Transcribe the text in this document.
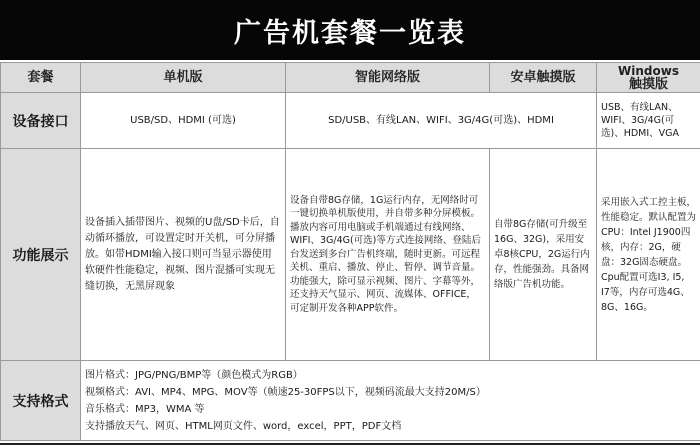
广告机套餐一览表
套餐	单机版	智能网络版	安卓触摸版	Windows
触摸版

设备接口	USB/SD、HDMI (可选)	SD/USB、有线LAN、WIFI、3G/4G(可选)、HDMI		USB、有线LAN、WIFI、3G/4G(可选)、HDMI、VGA
功能展示	设备插入插带图片、视频的U盘/SD卡后，自动循环播放，可设置定时开关机，可分屏播放。如带HDMI输入接口则可当显示器使用软硬件性能稳定，视频、图片混播可实现无缝切换，无黑屏现象	设备自带8G存储，1G运行内存，无网络时可一键切换单机版使用，并自带多种分屏模板。播放内容可用电脑或手机端通过有线网络、WIFI、3G/4G(可选)等方式连接网络、登陆后台发送到多台广告机终端，随时更新。可远程关机、重启、播放、停止、暂停、调节音量。功能强大，除可显示视频、图片、字幕等外，还支持天气显示、网页、流媒体、OFFICE，可定制开发各种APP软件。	自带8G存储(可升级至16G、32G)，采用安卓8核CPU，2G运行内存，性能强劲。具备网络版广告机功能。	采用嵌入式工控主板，性能稳定。默认配置为CPU：Intel J1900四核，内存：2G，硬盘：32G固态硬盘。Cpu配置可选I3, I5, I7等，内存可选4G、8G、16G。
支持格式	图片格式：JPG/PNG/BMP等（颜色模式为RGB）
视频格式：AVI、MP4、MPG、MOV等（帧速25-30FPS以下，视频码流最大支持20M/S）
音乐格式：MP3，WMA 等
支持播放天气、网页、HTML网页文件、word，excel，PPT，PDF文档			
